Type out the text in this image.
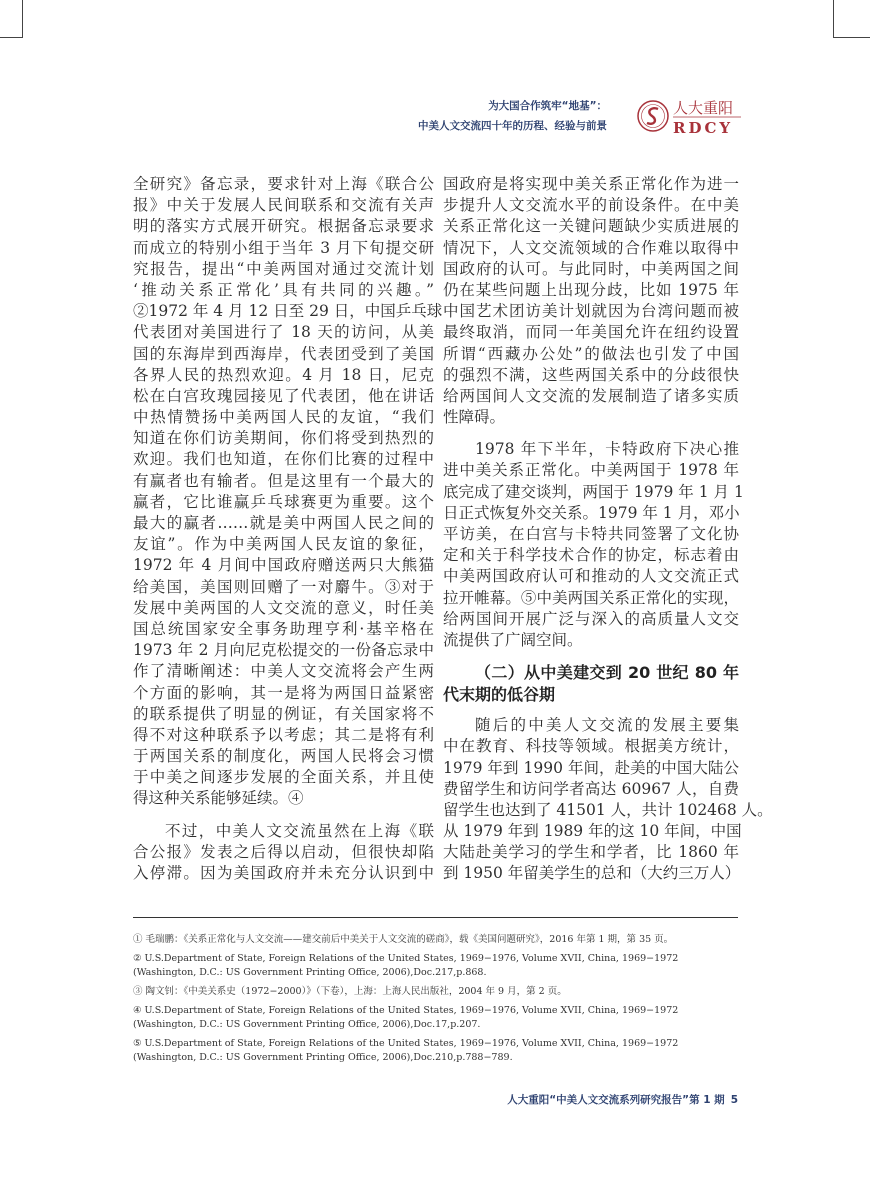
为大国合作筑牢“地基”：
中美人文交流四十年的历程、经验与前景
人大重阳
RDCY
全研究》备忘录，要求针对上海《联合公
报》中关于发展人民间联系和交流有关声
明的落实方式展开研究。根据备忘录要求
而成立的特别小组于当年 3 月下旬提交研
究报告，提出“中美两国对通过交流计划
‘推动关系正常化’具有共同的兴趣。”
②1972 年 4 月 12 日至 29 日，中国乒乓球
代表团对美国进行了 18 天的访问，从美
国的东海岸到西海岸，代表团受到了美国
各界人民的热烈欢迎。4 月 18 日，尼克
松在白宫玫瑰园接见了代表团，他在讲话
中热情赞扬中美两国人民的友谊，“我们
知道在你们访美期间，你们将受到热烈的
欢迎。我们也知道，在你们比赛的过程中
有赢者也有输者。但是这里有一个最大的
赢者，它比谁赢乒乓球赛更为重要。这个
最大的赢者……就是美中两国人民之间的
友谊”。作为中美两国人民友谊的象征，
1972 年 4 月间中国政府赠送两只大熊猫
给美国，美国则回赠了一对麝牛。③对于
发展中美两国的人文交流的意义，时任美
国总统国家安全事务助理亨利·基辛格在
1973 年 2 月向尼克松提交的一份备忘录中
作了清晰阐述：中美人文交流将会产生两
个方面的影响，其一是将为两国日益紧密
的联系提供了明显的例证，有关国家将不
得不对这种联系予以考虑；其二是将有利
于两国关系的制度化，两国人民将会习惯
于中美之间逐步发展的全面关系，并且使
得这种关系能够延续。④
不过，中美人文交流虽然在上海《联
合公报》发表之后得以启动，但很快却陷
入停滞。因为美国政府并未充分认识到中
国政府是将实现中美关系正常化作为进一
步提升人文交流水平的前设条件。在中美
关系正常化这一关键问题缺少实质进展的
情况下，人文交流领域的合作难以取得中
国政府的认可。与此同时，中美两国之间
仍在某些问题上出现分歧，比如 1975 年
中国艺术团访美计划就因为台湾问题而被
最终取消，而同一年美国允许在纽约设置
所谓“西藏办公处”的做法也引发了中国
的强烈不满，这些两国关系中的分歧很快
给两国间人文交流的发展制造了诸多实质
性障碍。
1978 年下半年，卡特政府下决心推
进中美关系正常化。中美两国于 1978 年
底完成了建交谈判，两国于 1979 年 1 月 1
日正式恢复外交关系。1979 年 1 月，邓小
平访美，在白宫与卡特共同签署了文化协
定和关于科学技术合作的协定，标志着由
中美两国政府认可和推动的人文交流正式
拉开帷幕。⑤中美两国关系正常化的实现，
给两国间开展广泛与深入的高质量人文交
流提供了广阔空间。
（二）从中美建交到 20 世纪 80 年
代末期的低谷期
随后的中美人文交流的发展主要集
中在教育、科技等领域。根据美方统计，
1979 年到 1990 年间，赴美的中国大陆公
费留学生和访问学者高达 60967 人，自费
留学生也达到了 41501 人，共计 102468 人。
从 1979 年到 1989 年的这 10 年间，中国
大陆赴美学习的学生和学者，比 1860 年
到 1950 年留美学生的总和（大约三万人）
① 毛瑞鹏：《关系正常化与人文交流——建交前后中美关于人文交流的磋商》，载《美国问题研究》，2016 年第 1 期，第 35 页。
② U.S.Department of State, Foreign Relations of the United States, 1969−1976, Volume XVII, China, 1969−1972 (Washington, D.C.: US Government Printing Office, 2006),Doc.217,p.868.
③ 陶文钊：《中美关系史（1972−2000）》（下卷），上海：上海人民出版社，2004 年 9 月，第 2 页。
④ U.S.Department of State, Foreign Relations of the United States, 1969−1976, Volume XVII, China, 1969−1972 (Washington, D.C.: US Government Printing Office, 2006),Doc.17,p.207.
⑤ U.S.Department of State, Foreign Relations of the United States, 1969−1976, Volume XVII, China, 1969−1972 (Washington, D.C.: US Government Printing Office, 2006),Doc.210,p.788−789.
人大重阳“中美人文交流系列研究报告”第 1 期 5
